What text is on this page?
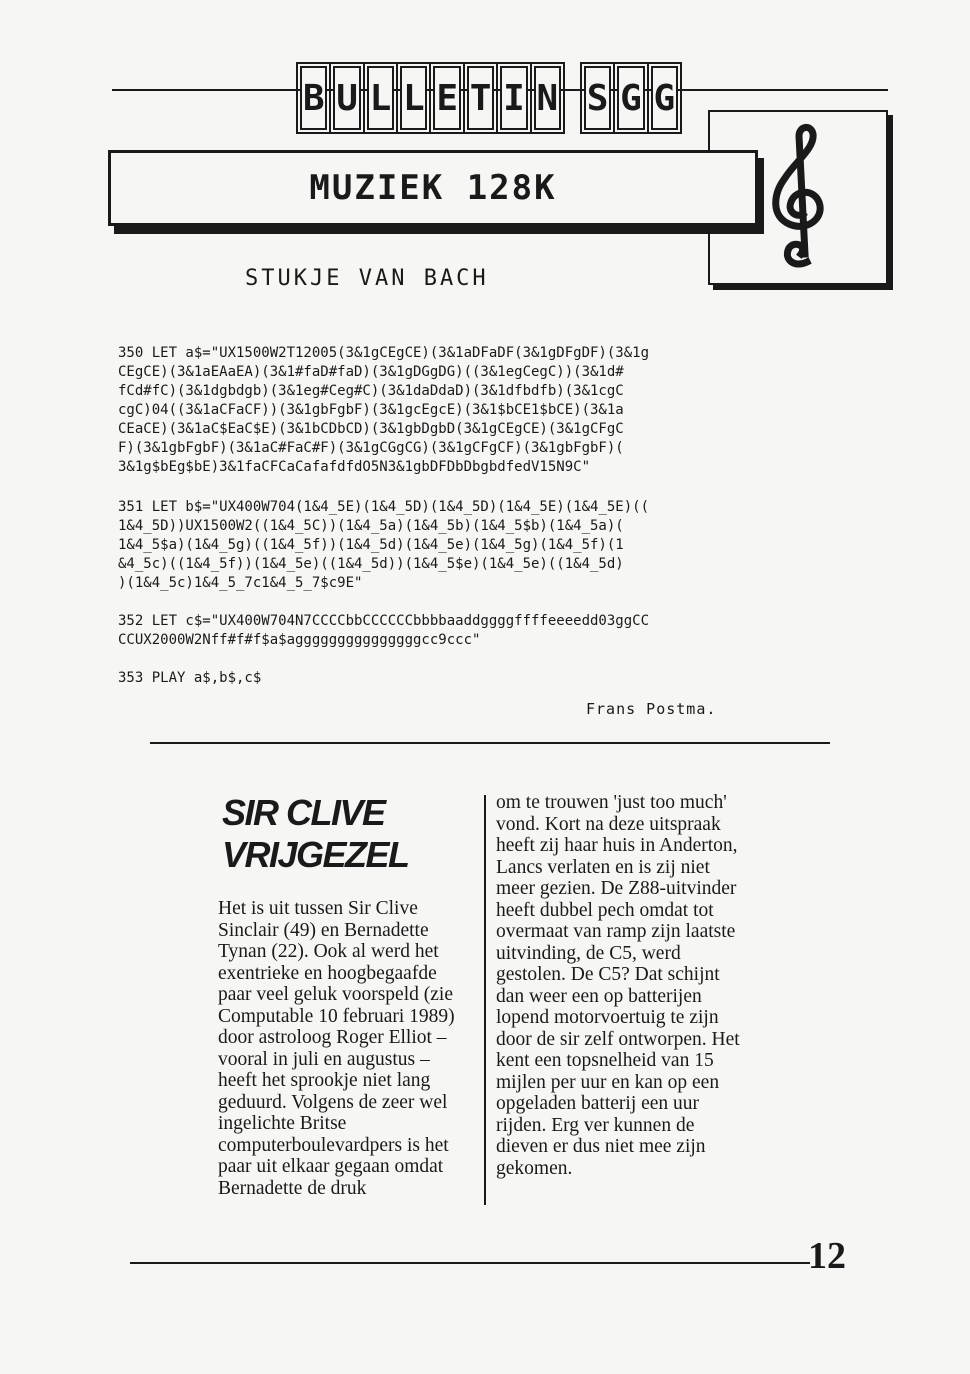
B U L L E T I N S G G
MUZIEK 128K
STUKJE VAN BACH
350 LET a$="UX1500W2T12005(3&1gCEgCE)(3&1aDFaDF(3&1gDFgDF)(3&1g
CEgCE)(3&1aEAaEA)(3&1#faD#faD)(3&1gDGgDG)((3&1egCegC))(3&1d#
fCd#fC)(3&1dgbdgb)(3&1eg#Ceg#C)(3&1daDdaD)(3&1dfbdfb)(3&1cgC
cgC)04((3&1aCFaCF))(3&1gbFgbF)(3&1gcEgcE)(3&1$bCE1$bCE)(3&1a
CEaCE)(3&1aC$EaC$E)(3&1bCDbCD)(3&1gbDgbD(3&1gCEgCE)(3&1gCFgC
F)(3&1gbFgbF)(3&1aC#FaC#F)(3&1gCGgCG)(3&1gCFgCF)(3&1gbFgbF)(
3&1g$bEg$bE)3&1faCFCaCafafdfdO5N3&1gbDFDbDbgbdfedV15N9C"
351 LET b$="UX400W704(1&4_5E)(1&4_5D)(1&4_5D)(1&4_5E)(1&4_5E)((
1&4_5D))UX1500W2((1&4_5C))(1&4_5a)(1&4_5b)(1&4_5$b)(1&4_5a)(
1&4_5$a)(1&4_5g)((1&4_5f))(1&4_5d)(1&4_5e)(1&4_5g)(1&4_5f)(1
&4_5c)((1&4_5f))(1&4_5e)((1&4_5d))(1&4_5$e)(1&4_5e)((1&4_5d)
)(1&4_5c)1&4_5_7c1&4_5_7$c9E"
352 LET c$="UX400W704N7CCCCbbCCCCCCbbbbaaddggggffffeeeedd03ggCC
CCUX2000W2Nff#f#f$a$agggggggggggggggcc9ccc"
353 PLAY a$,b$,c$
Frans Postma.
SIR CLIVE
VRIJGEZEL
Het is uit tussen Sir Clive Sinclair (49) en Bernadette Tynan (22). Ook al werd het exentrieke en hoogbegaafde paar veel geluk voorspeld (zie Computable 10 februari 1989) door astroloog Roger Elliot – vooral in juli en augustus – heeft het sprookje niet lang geduurd. Volgens de zeer wel ingelichte Britse computerboulevardpers is het paar uit elkaar gegaan omdat Bernadette de druk
om te trouwen 'just too much' vond. Kort na deze uitspraak heeft zij haar huis in Anderton, Lancs verlaten en is zij niet meer gezien. De Z88-uitvinder heeft dubbel pech omdat tot overmaat van ramp zijn laatste uitvinding, de C5, werd gestolen. De C5? Dat schijnt dan weer een op batterijen lopend motorvoertuig te zijn door de sir zelf ontworpen. Het kent een topsnelheid van 15 mijlen per uur en kan op een opgeladen batterij een uur rijden. Erg ver kunnen de dieven er dus niet mee zijn gekomen.
12
